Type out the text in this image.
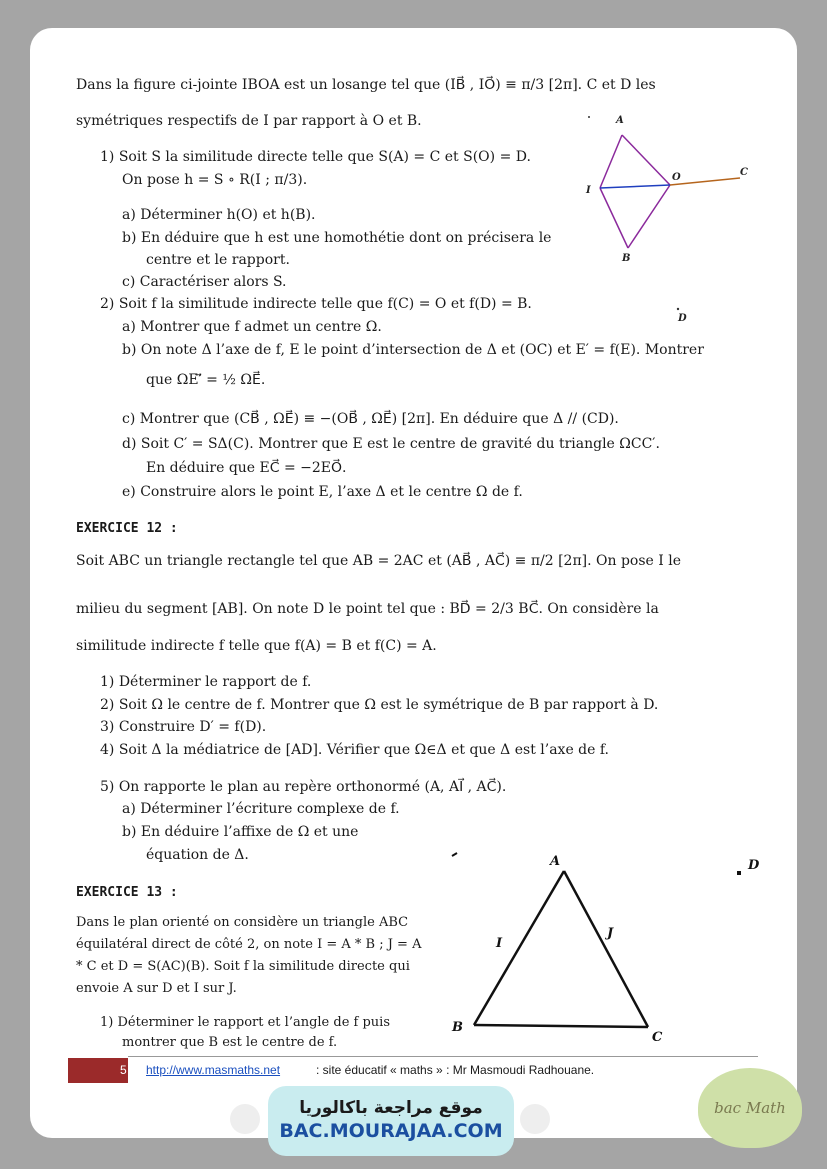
Dans la figure ci-jointe IBOA est un losange tel que (IB⃗ , IO⃗) ≡ π/3 [2π]. C et D les
symétriques respectifs de I par rapport à O et B.
1) Soit S la similitude directe telle que S(A) = C et S(O) = D.
On pose h = S ∘ R(I ; π/3).
a) Déterminer h(O) et h(B).
b) En déduire que h est une homothétie dont on précisera le
centre et le rapport.
c) Caractériser alors S.
2) Soit f la similitude indirecte telle que f(C) = O et f(D) = B.
a) Montrer que f admet un centre Ω.
b) On note Δ l’axe de f, E le point d’intersection de Δ et (OC) et E′ = f(E). Montrer
que ΩE′⃗ = ½ ΩE⃗.
c) Montrer que (CB⃗ , ΩE⃗) ≡ −(OB⃗ , ΩE⃗) [2π]. En déduire que Δ // (CD).
d) Soit C′ = SΔ(C). Montrer que E est le centre de gravité du triangle ΩCC′.
En déduire que EC⃗ = −2EO⃗.
e) Construire alors le point E, l’axe Δ et le centre Ω de f.
A
I
O	C
B
D
EXERCICE 12 :
Soit ABC un triangle rectangle tel que AB = 2AC et (AB⃗ , AC⃗) ≡ π/2 [2π]. On pose I le
milieu du segment [AB]. On note D le point tel que : BD⃗ = 2/3 BC⃗. On considère la
similitude indirecte f telle que f(A) = B et f(C) = A.
1) Déterminer le rapport de f.
2) Soit Ω le centre de f. Montrer que Ω est le symétrique de B par rapport à D.
3) Construire D′ = f(D).
4) Soit Δ la médiatrice de [AD]. Vérifier que Ω∈Δ et que Δ est l’axe de f.
5) On rapporte le plan au repère orthonormé (A, AI⃗ , AC⃗).
a) Déterminer l’écriture complexe de f.
b) En déduire l’affixe de Ω et une
équation de Δ.
EXERCICE 13 :
Dans le plan orienté on considère un triangle ABC
équilatéral direct de côté 2, on note I = A * B ; J = A
* C et D = S(AC)(B). Soit f la similitude directe qui
envoie A sur D et I sur J.
1) Déterminer le rapport et l’angle de f puis
montrer que B est le centre de f.
A
I
J
B
C
D
5 http://www.masmaths.net	: site éducatif « maths » : Mr Masmoudi Radhouane.
موقع مراجعة باكالوريا
BAC.MOURAJAA.COM
bac Math
